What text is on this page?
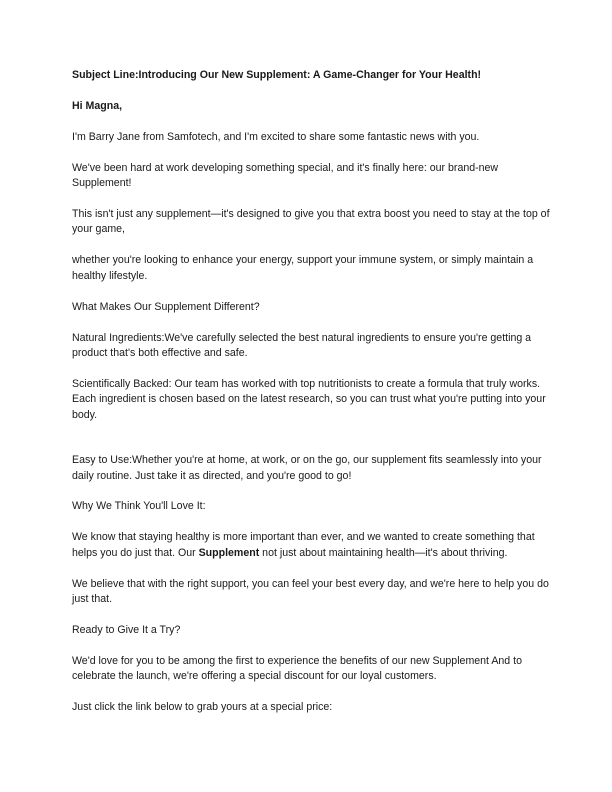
Subject Line:Introducing Our New Supplement: A Game-Changer for Your Health!

Hi Magna,

I'm Barry Jane from Samfotech, and I'm excited to share some fantastic news with you.

We've been hard at work developing something special, and it's finally here: our brand-new Supplement!

This isn't just any supplement—it's designed to give you that extra boost you need to stay at the top of your game,

whether you're looking to enhance your energy, support your immune system, or simply maintain a healthy lifestyle.

What Makes Our Supplement Different?

Natural Ingredients:We've carefully selected the best natural ingredients to ensure you're getting a product that's both effective and safe.

Scientifically Backed: Our team has worked with top nutritionists to create a formula that truly works. Each ingredient is chosen based on the latest research, so you can trust what you're putting into your body.

Easy to Use:Whether you're at home, at work, or on the go, our supplement fits seamlessly into your daily routine. Just take it as directed, and you're good to go!

Why We Think You'll Love It:

We know that staying healthy is more important than ever, and we wanted to create something that helps you do just that. Our Supplement not just about maintaining health—it's about thriving.

We believe that with the right support, you can feel your best every day, and we're here to help you do just that.

Ready to Give It a Try?

We'd love for you to be among the first to experience the benefits of our new Supplement And to celebrate the launch, we're offering a special discount for our loyal customers.

Just click the link below to grab yours at a special price:
